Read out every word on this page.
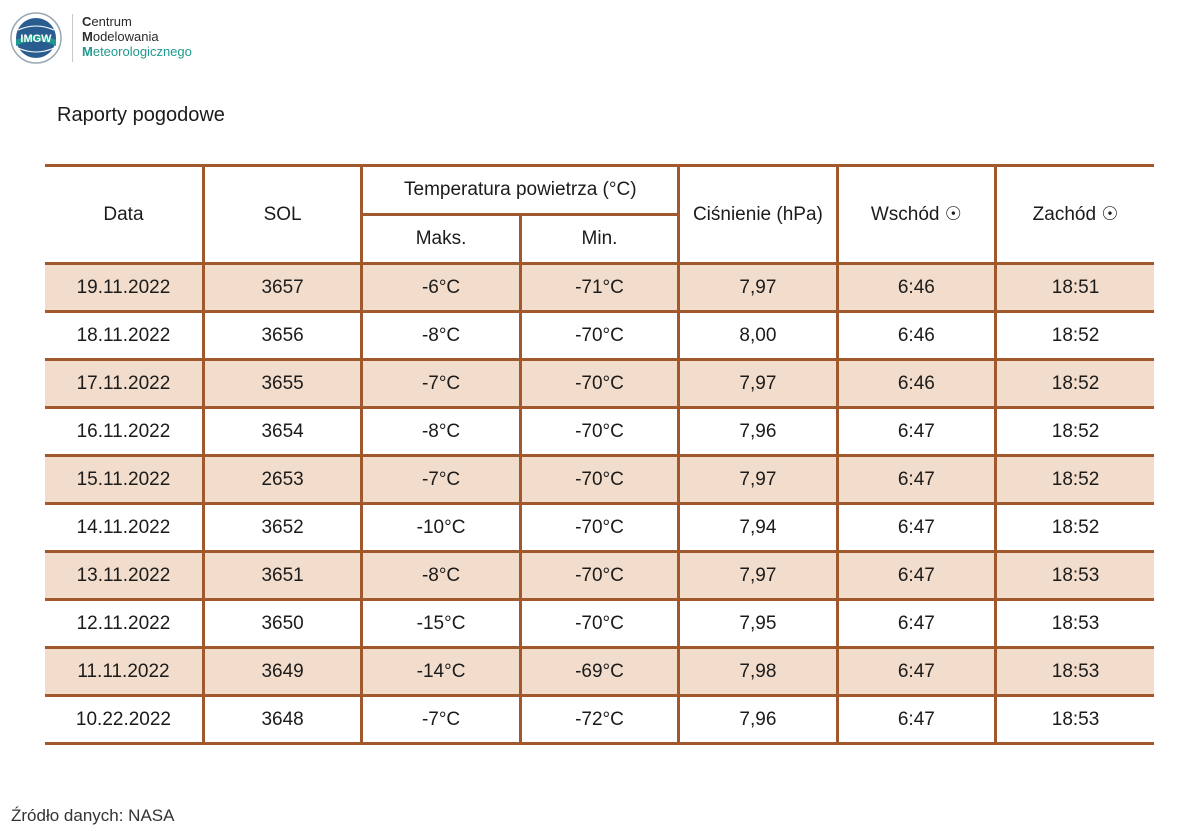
IMGW
Centrum
Modelowania
Meteorologicznego
Raporty pogodowe
Data	SOL	Temperatura powietrza (°C)		Ciśnienie (hPa)	Wschód ☉	Zachód ☉
		Maks.	Min.			
19.11.2022	3657	-6°C	-71°C	7,97	6:46	18:51
18.11.2022	3656	-8°C	-70°C	8,00	6:46	18:52
17.11.2022	3655	-7°C	-70°C	7,97	6:46	18:52
16.11.2022	3654	-8°C	-70°C	7,96	6:47	18:52
15.11.2022	2653	-7°C	-70°C	7,97	6:47	18:52
14.11.2022	3652	-10°C	-70°C	7,94	6:47	18:52
13.11.2022	3651	-8°C	-70°C	7,97	6:47	18:53
12.11.2022	3650	-15°C	-70°C	7,95	6:47	18:53
11.11.2022	3649	-14°C	-69°C	7,98	6:47	18:53
10.22.2022	3648	-7°C	-72°C	7,96	6:47	18:53
Źródło danych: NASA
